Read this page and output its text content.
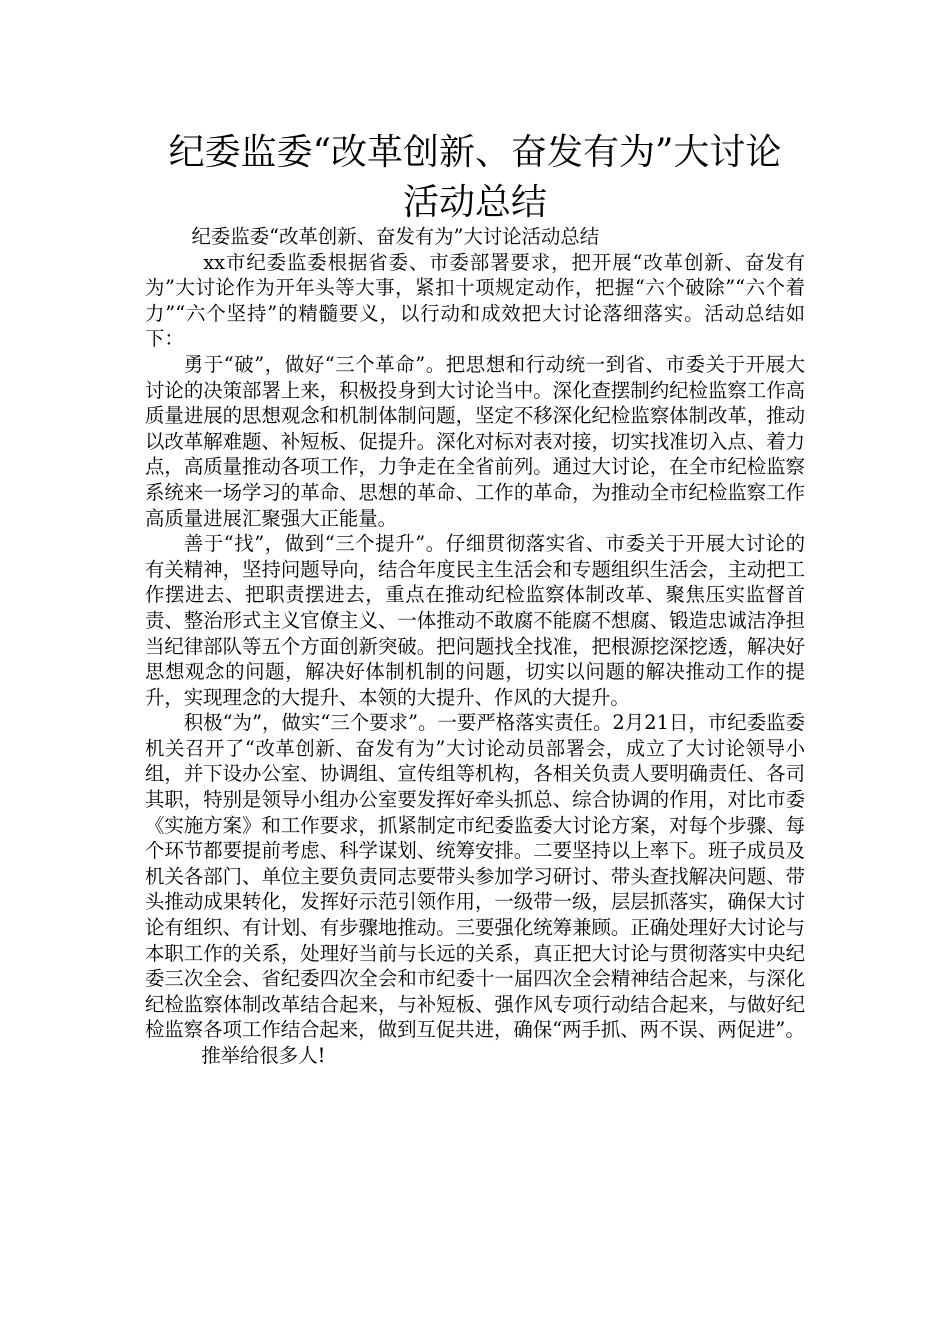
纪委监委“改革创新、奋发有为”大讨论
活动总结

纪委监委“改革创新、奋发有为”大讨论活动总结

xx市纪委监委根据省委、市委部署要求，把开展“改革创新、奋发有为”大讨论作为开年头等大事，紧扣十项规定动作，把握“六个破除”“六个着力”“六个坚持”的精髓要义，以行动和成效把大讨论落细落实。活动总结如下：

勇于“破”，做好“三个革命”。把思想和行动统一到省、市委关于开展大讨论的决策部署上来，积极投身到大讨论当中。深化查摆制约纪检监察工作高质量进展的思想观念和机制体制问题，坚定不移深化纪检监察体制改革，推动以改革解难题、补短板、促提升。深化对标对表对接，切实找准切入点、着力点，高质量推动各项工作，力争走在全省前列。通过大讨论，在全市纪检监察系统来一场学习的革命、思想的革命、工作的革命，为推动全市纪检监察工作高质量进展汇聚强大正能量。

善于“找”，做到“三个提升”。仔细贯彻落实省、市委关于开展大讨论的有关精神，坚持问题导向，结合年度民主生活会和专题组织生活会，主动把工作摆进去、把职责摆进去，重点在推动纪检监察体制改革、聚焦压实监督首责、整治形式主义官僚主义、一体推动不敢腐不能腐不想腐、锻造忠诚洁净担当纪律部队等五个方面创新突破。把问题找全找准，把根源挖深挖透，解决好思想观念的问题，解决好体制机制的问题，切实以问题的解决推动工作的提升，实现理念的大提升、本领的大提升、作风的大提升。

积极“为”，做实“三个要求”。一要严格落实责任。2月21日，市纪委监委机关召开了“改革创新、奋发有为”大讨论动员部署会，成立了大讨论领导小组，并下设办公室、协调组、宣传组等机构，各相关负责人要明确责任、各司其职，特别是领导小组办公室要发挥好牵头抓总、综合协调的作用，对比市委《实施方案》和工作要求，抓紧制定市纪委监委大讨论方案，对每个步骤、每个环节都要提前考虑、科学谋划、统筹安排。二要坚持以上率下。班子成员及机关各部门、单位主要负责同志要带头参加学习研讨、带头查找解决问题、带头推动成果转化，发挥好示范引领作用，一级带一级，层层抓落实，确保大讨论有组织、有计划、有步骤地推动。三要强化统筹兼顾。正确处理好大讨论与本职工作的关系，处理好当前与长远的关系，真正把大讨论与贯彻落实中央纪委三次全会、省纪委四次全会和市纪委十一届四次全会精神结合起来，与深化纪检监察体制改革结合起来，与补短板、强作风专项行动结合起来，与做好纪检监察各项工作结合起来，做到互促共进，确保“两手抓、两不误、两促进”。

推举给很多人!
